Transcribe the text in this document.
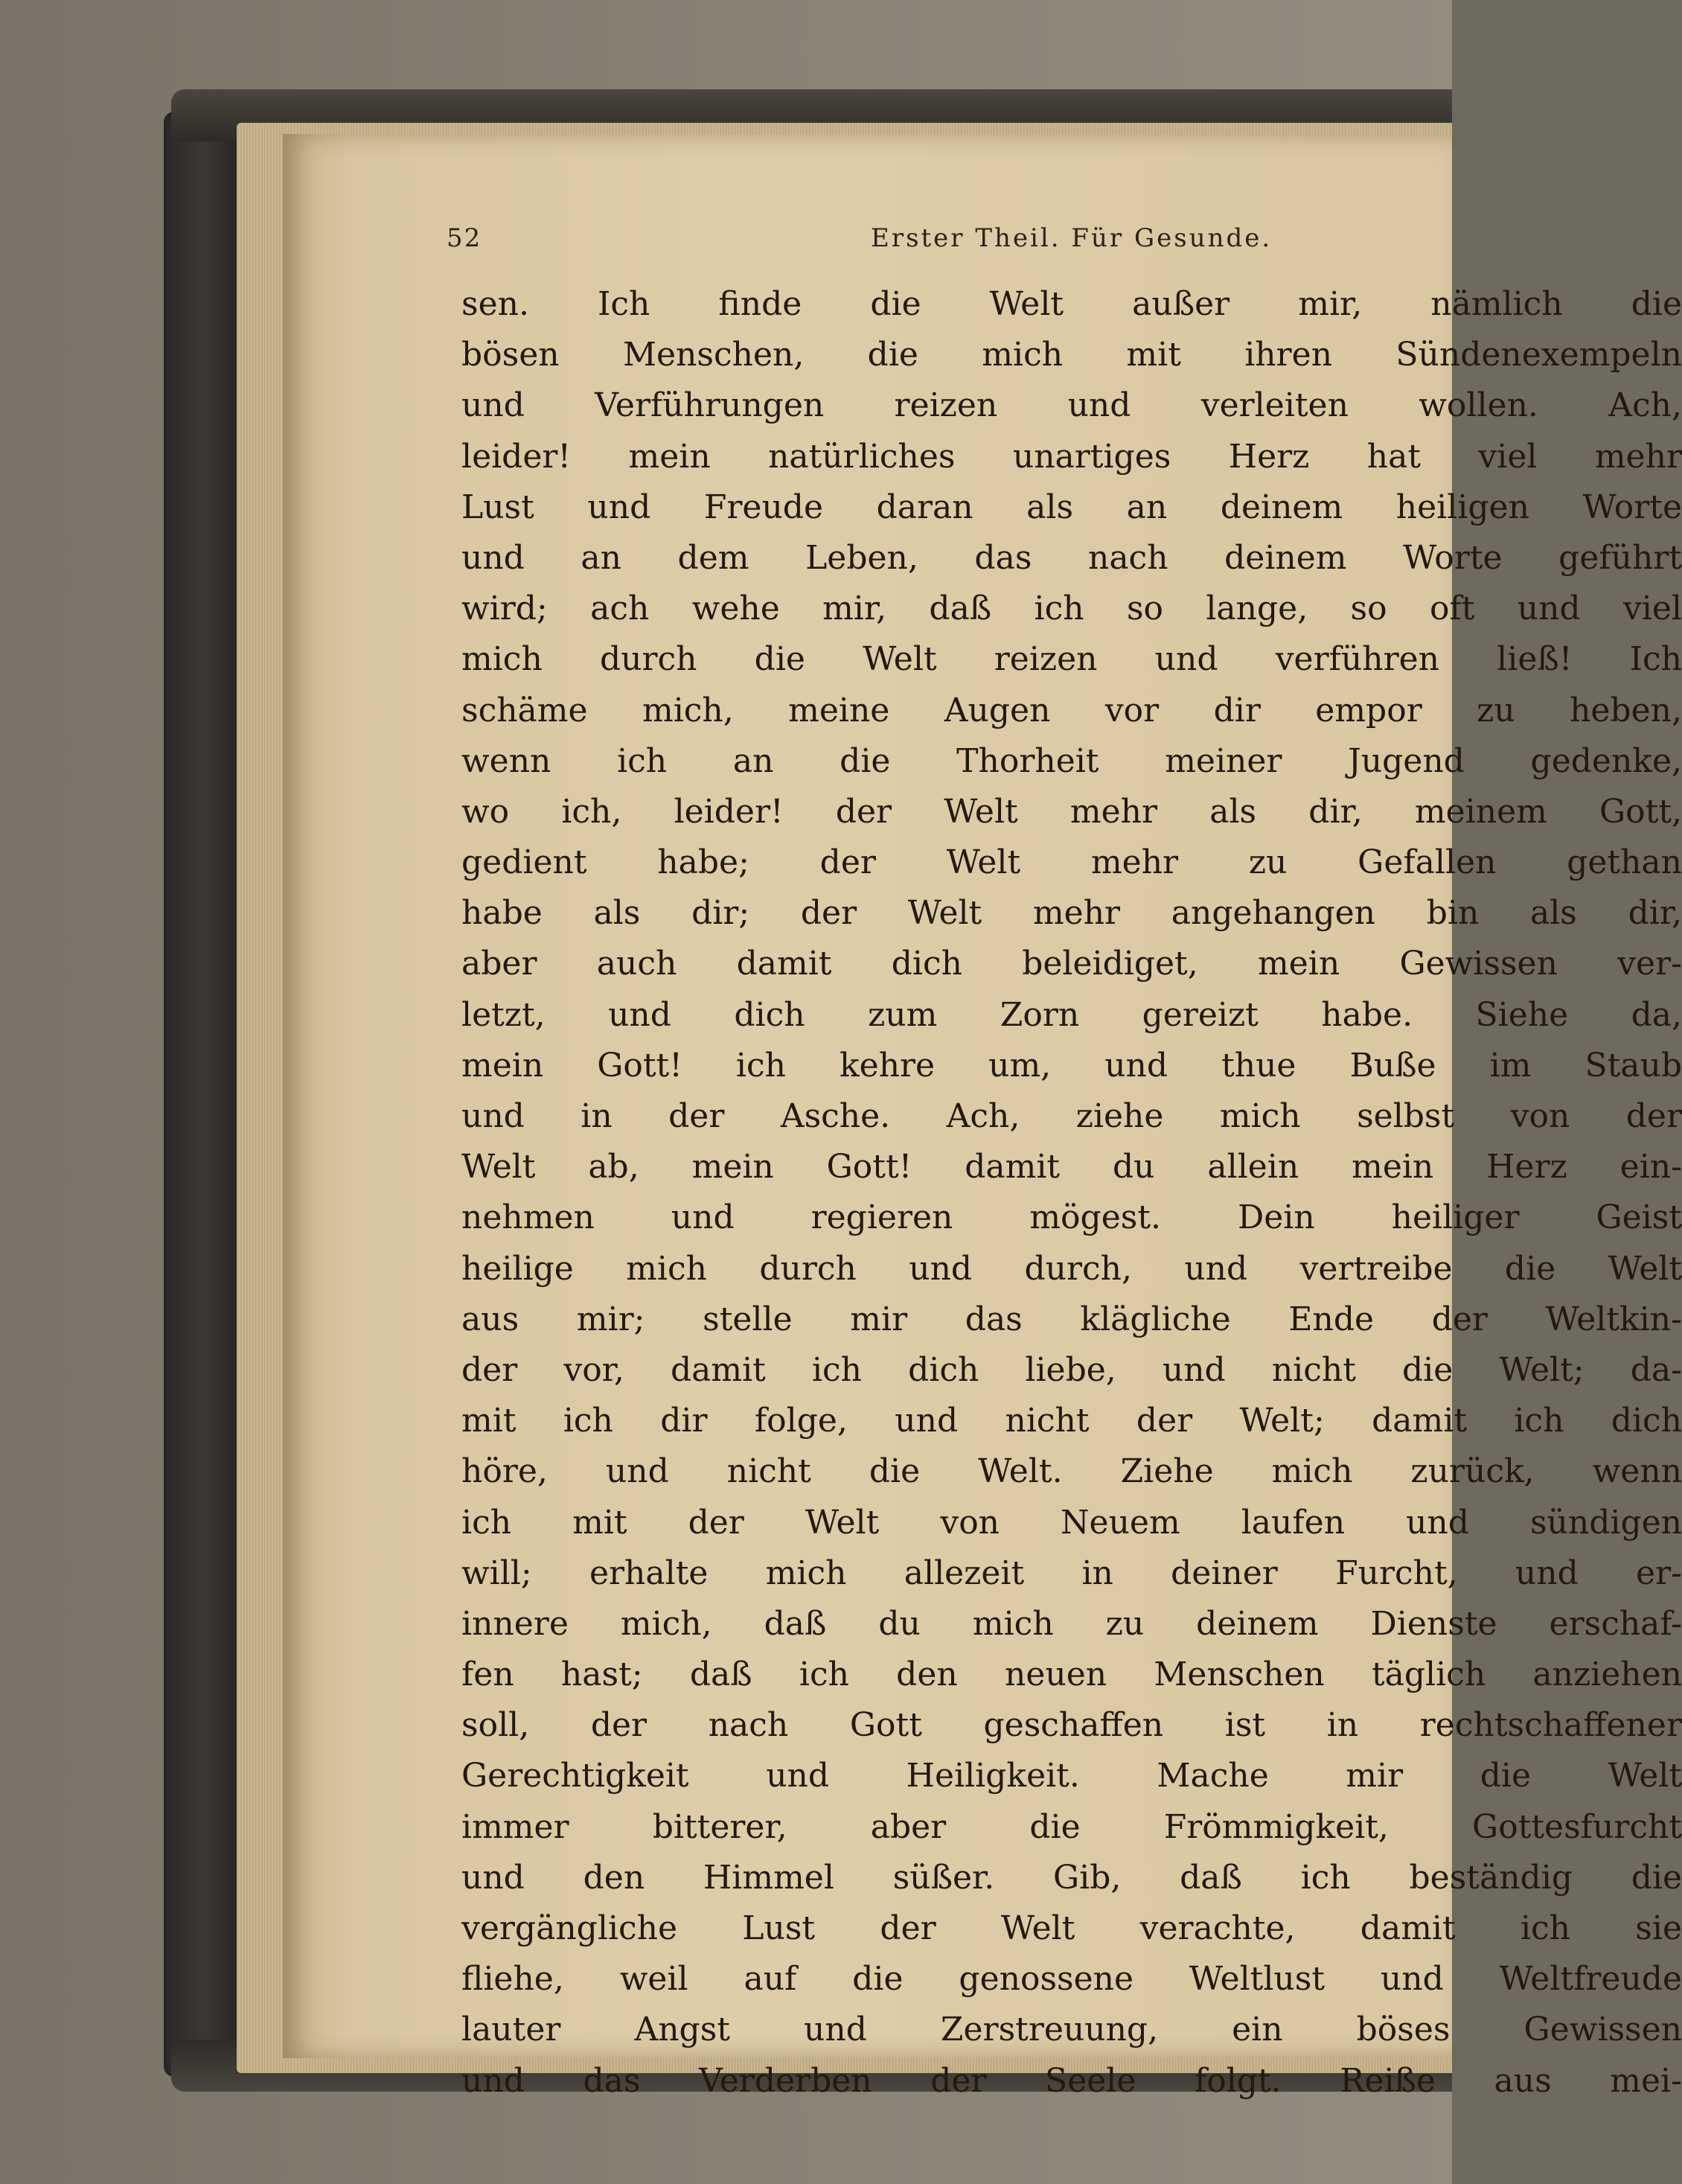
52	Erster Theil. Für Gesunde.
sen. Ich finde die Welt außer mir, nämlich die
bösen Menschen, die mich mit ihren Sündenexempeln
und Verführungen reizen und verleiten wollen. Ach,
leider! mein natürliches unartiges Herz hat viel mehr
Lust und Freude daran als an deinem heiligen Worte
und an dem Leben, das nach deinem Worte geführt
wird; ach wehe mir, daß ich so lange, so oft und viel
mich durch die Welt reizen und verführen ließ! Ich
schäme mich, meine Augen vor dir empor zu heben,
wenn ich an die Thorheit meiner Jugend gedenke,
wo ich, leider! der Welt mehr als dir, meinem Gott,
gedient habe; der Welt mehr zu Gefallen gethan
habe als dir; der Welt mehr angehangen bin als dir,
aber auch damit dich beleidiget, mein Gewissen ver-
letzt, und dich zum Zorn gereizt habe. Siehe da,
mein Gott! ich kehre um, und thue Buße im Staub
und in der Asche. Ach, ziehe mich selbst von der
Welt ab, mein Gott! damit du allein mein Herz ein-
nehmen und regieren mögest. Dein heiliger Geist
heilige mich durch und durch, und vertreibe die Welt
aus mir; stelle mir das klägliche Ende der Weltkin-
der vor, damit ich dich liebe, und nicht die Welt; da-
mit ich dir folge, und nicht der Welt; damit ich dich
höre, und nicht die Welt. Ziehe mich zurück, wenn
ich mit der Welt von Neuem laufen und sündigen
will; erhalte mich allezeit in deiner Furcht, und er-
innere mich, daß du mich zu deinem Dienste erschaf-
fen hast; daß ich den neuen Menschen täglich anziehen
soll, der nach Gott geschaffen ist in rechtschaffener
Gerechtigkeit und Heiligkeit. Mache mir die Welt
immer bitterer, aber die Frömmigkeit, Gottesfurcht
und den Himmel süßer. Gib, daß ich beständig die
vergängliche Lust der Welt verachte, damit ich sie
fliehe, weil auf die genossene Weltlust und Weltfreude
lauter Angst und Zerstreuung, ein böses Gewissen
und das Verderben der Seele folgt. Reiße aus mei-
